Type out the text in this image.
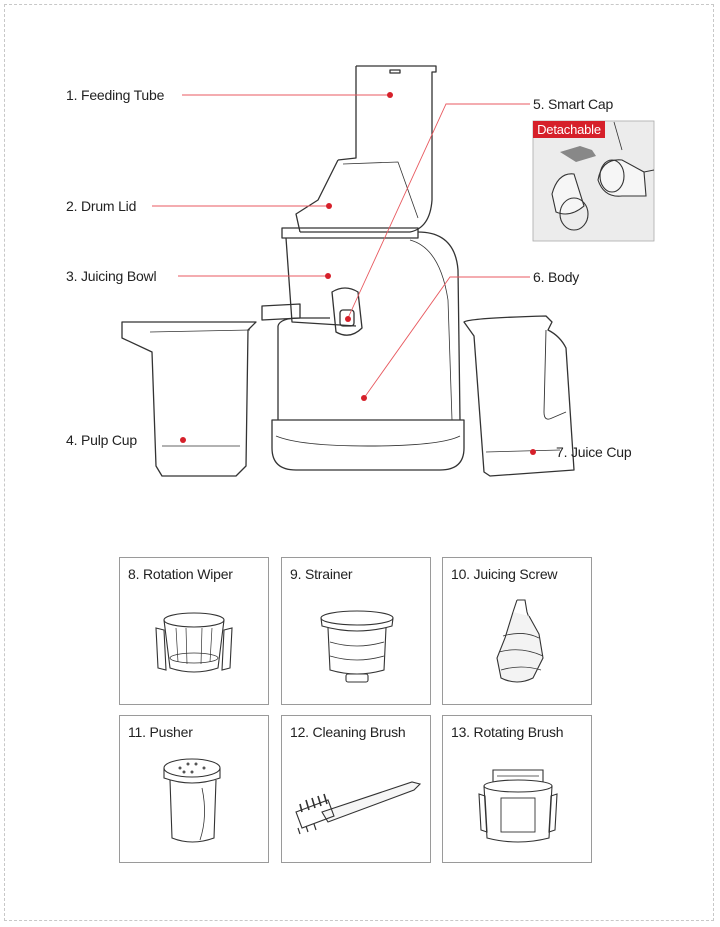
Detachable
1. Feeding Tube
2. Drum Lid
3. Juicing Bowl
4. Pulp Cup
5. Smart Cap
6. Body
7. Juice Cup
8. Rotation Wiper	9. Strainer	10. Juicing Screw
11. Pusher	12. Cleaning Brush	13. Rotating Brush
